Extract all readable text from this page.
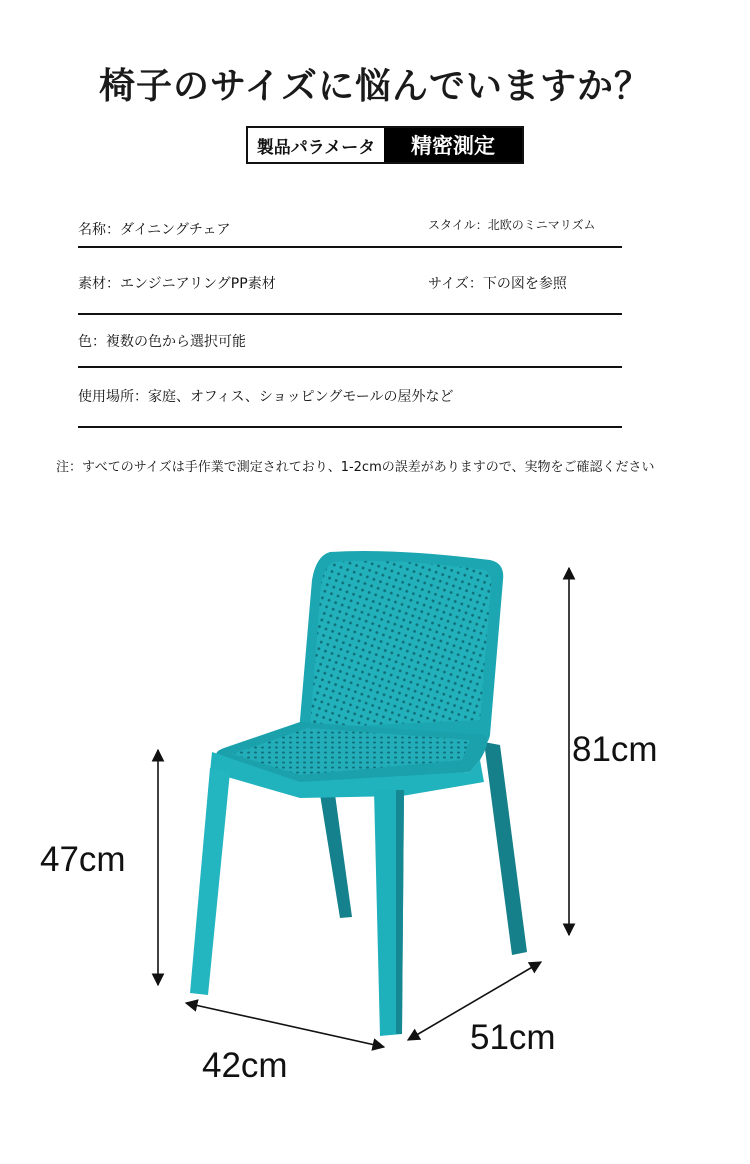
椅子のサイズに悩んでいますか？
製品パラメータ	精密測定
名称：ダイニングチェア	スタイル：北欧のミニマリズム
素材：エンジニアリングPP素材	サイズ：下の図を参照
色：複数の色から選択可能
使用場所：家庭、オフィス、ショッピングモールの屋外など
注：すべてのサイズは手作業で測定されており、1-2cmの誤差がありますので、実物をご確認ください
81cm
47cm
42cm
51cm
